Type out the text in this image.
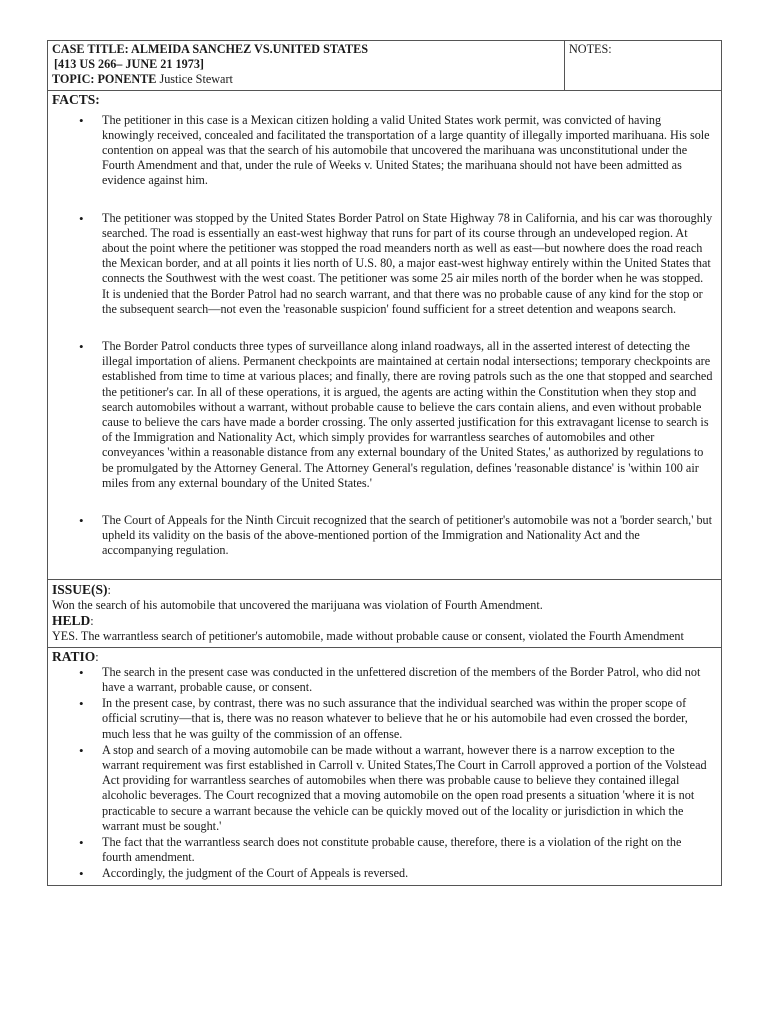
CASE TITLE: ALMEIDA SANCHEZ VS.UNITED STATES
[413 US 266– JUNE 21 1973]
TOPIC: PONENTE Justice Stewart
NOTES:
FACTS:
• The petitioner in this case is a Mexican citizen holding a valid United States work permit, was convicted of having knowingly received, concealed and facilitated the transportation of a large quantity of illegally imported marihuana. His sole contention on appeal was that the search of his automobile that uncovered the marihuana was unconstitutional under the Fourth Amendment and that, under the rule of Weeks v. United States; the marihuana should not have been admitted as evidence against him.
• The petitioner was stopped by the United States Border Patrol on State Highway 78 in California, and his car was thoroughly searched. The road is essentially an east-west highway that runs for part of its course through an undeveloped region. At about the point where the petitioner was stopped the road meanders north as well as east—but nowhere does the road reach the Mexican border, and at all points it lies north of U.S. 80, a major east-west highway entirely within the United States that connects the Southwest with the west coast. The petitioner was some 25 air miles north of the border when he was stopped. It is undenied that the Border Patrol had no search warrant, and that there was no probable cause of any kind for the stop or the subsequent search—not even the 'reasonable suspicion' found sufficient for a street detention and weapons search.
• The Border Patrol conducts three types of surveillance along inland roadways, all in the asserted interest of detecting the illegal importation of aliens. Permanent checkpoints are maintained at certain nodal intersections; temporary checkpoints are established from time to time at various places; and finally, there are roving patrols such as the one that stopped and searched the petitioner's car. In all of these operations, it is argued, the agents are acting within the Constitution when they stop and search automobiles without a warrant, without probable cause to believe the cars contain aliens, and even without probable cause to believe the cars have made a border crossing. The only asserted justification for this extravagant license to search is of the Immigration and Nationality Act, which simply provides for warrantless searches of automobiles and other conveyances 'within a reasonable distance from any external boundary of the United States,' as authorized by regulations to be promulgated by the Attorney General. The Attorney General's regulation, defines 'reasonable distance' is 'within 100 air miles from any external boundary of the United States.'
• The Court of Appeals for the Ninth Circuit recognized that the search of petitioner's automobile was not a 'border search,' but upheld its validity on the basis of the above-mentioned portion of the Immigration and Nationality Act and the accompanying regulation.
ISSUE(S):
Won the search of his automobile that uncovered the marijuana was violation of Fourth Amendment.
HELD:
YES. The warrantless search of petitioner's automobile, made without probable cause or consent, violated the Fourth Amendment
RATIO:
• The search in the present case was conducted in the unfettered discretion of the members of the Border Patrol, who did not have a warrant, probable cause, or consent.
• In the present case, by contrast, there was no such assurance that the individual searched was within the proper scope of official scrutiny—that is, there was no reason whatever to believe that he or his automobile had even crossed the border, much less that he was guilty of the commission of an offense.
• A stop and search of a moving automobile can be made without a warrant, however there is a narrow exception to the warrant requirement was first established in Carroll v. United States,The Court in Carroll approved a portion of the Volstead Act providing for warrantless searches of automobiles when there was probable cause to believe they contained illegal alcoholic beverages. The Court recognized that a moving automobile on the open road presents a situation 'where it is not practicable to secure a warrant because the vehicle can be quickly moved out of the locality or jurisdiction in which the warrant must be sought.'
• The fact that the warrantless search does not constitute probable cause, therefore, there is a violation of the right on the fourth amendment.
• Accordingly, the judgment of the Court of Appeals is reversed.
